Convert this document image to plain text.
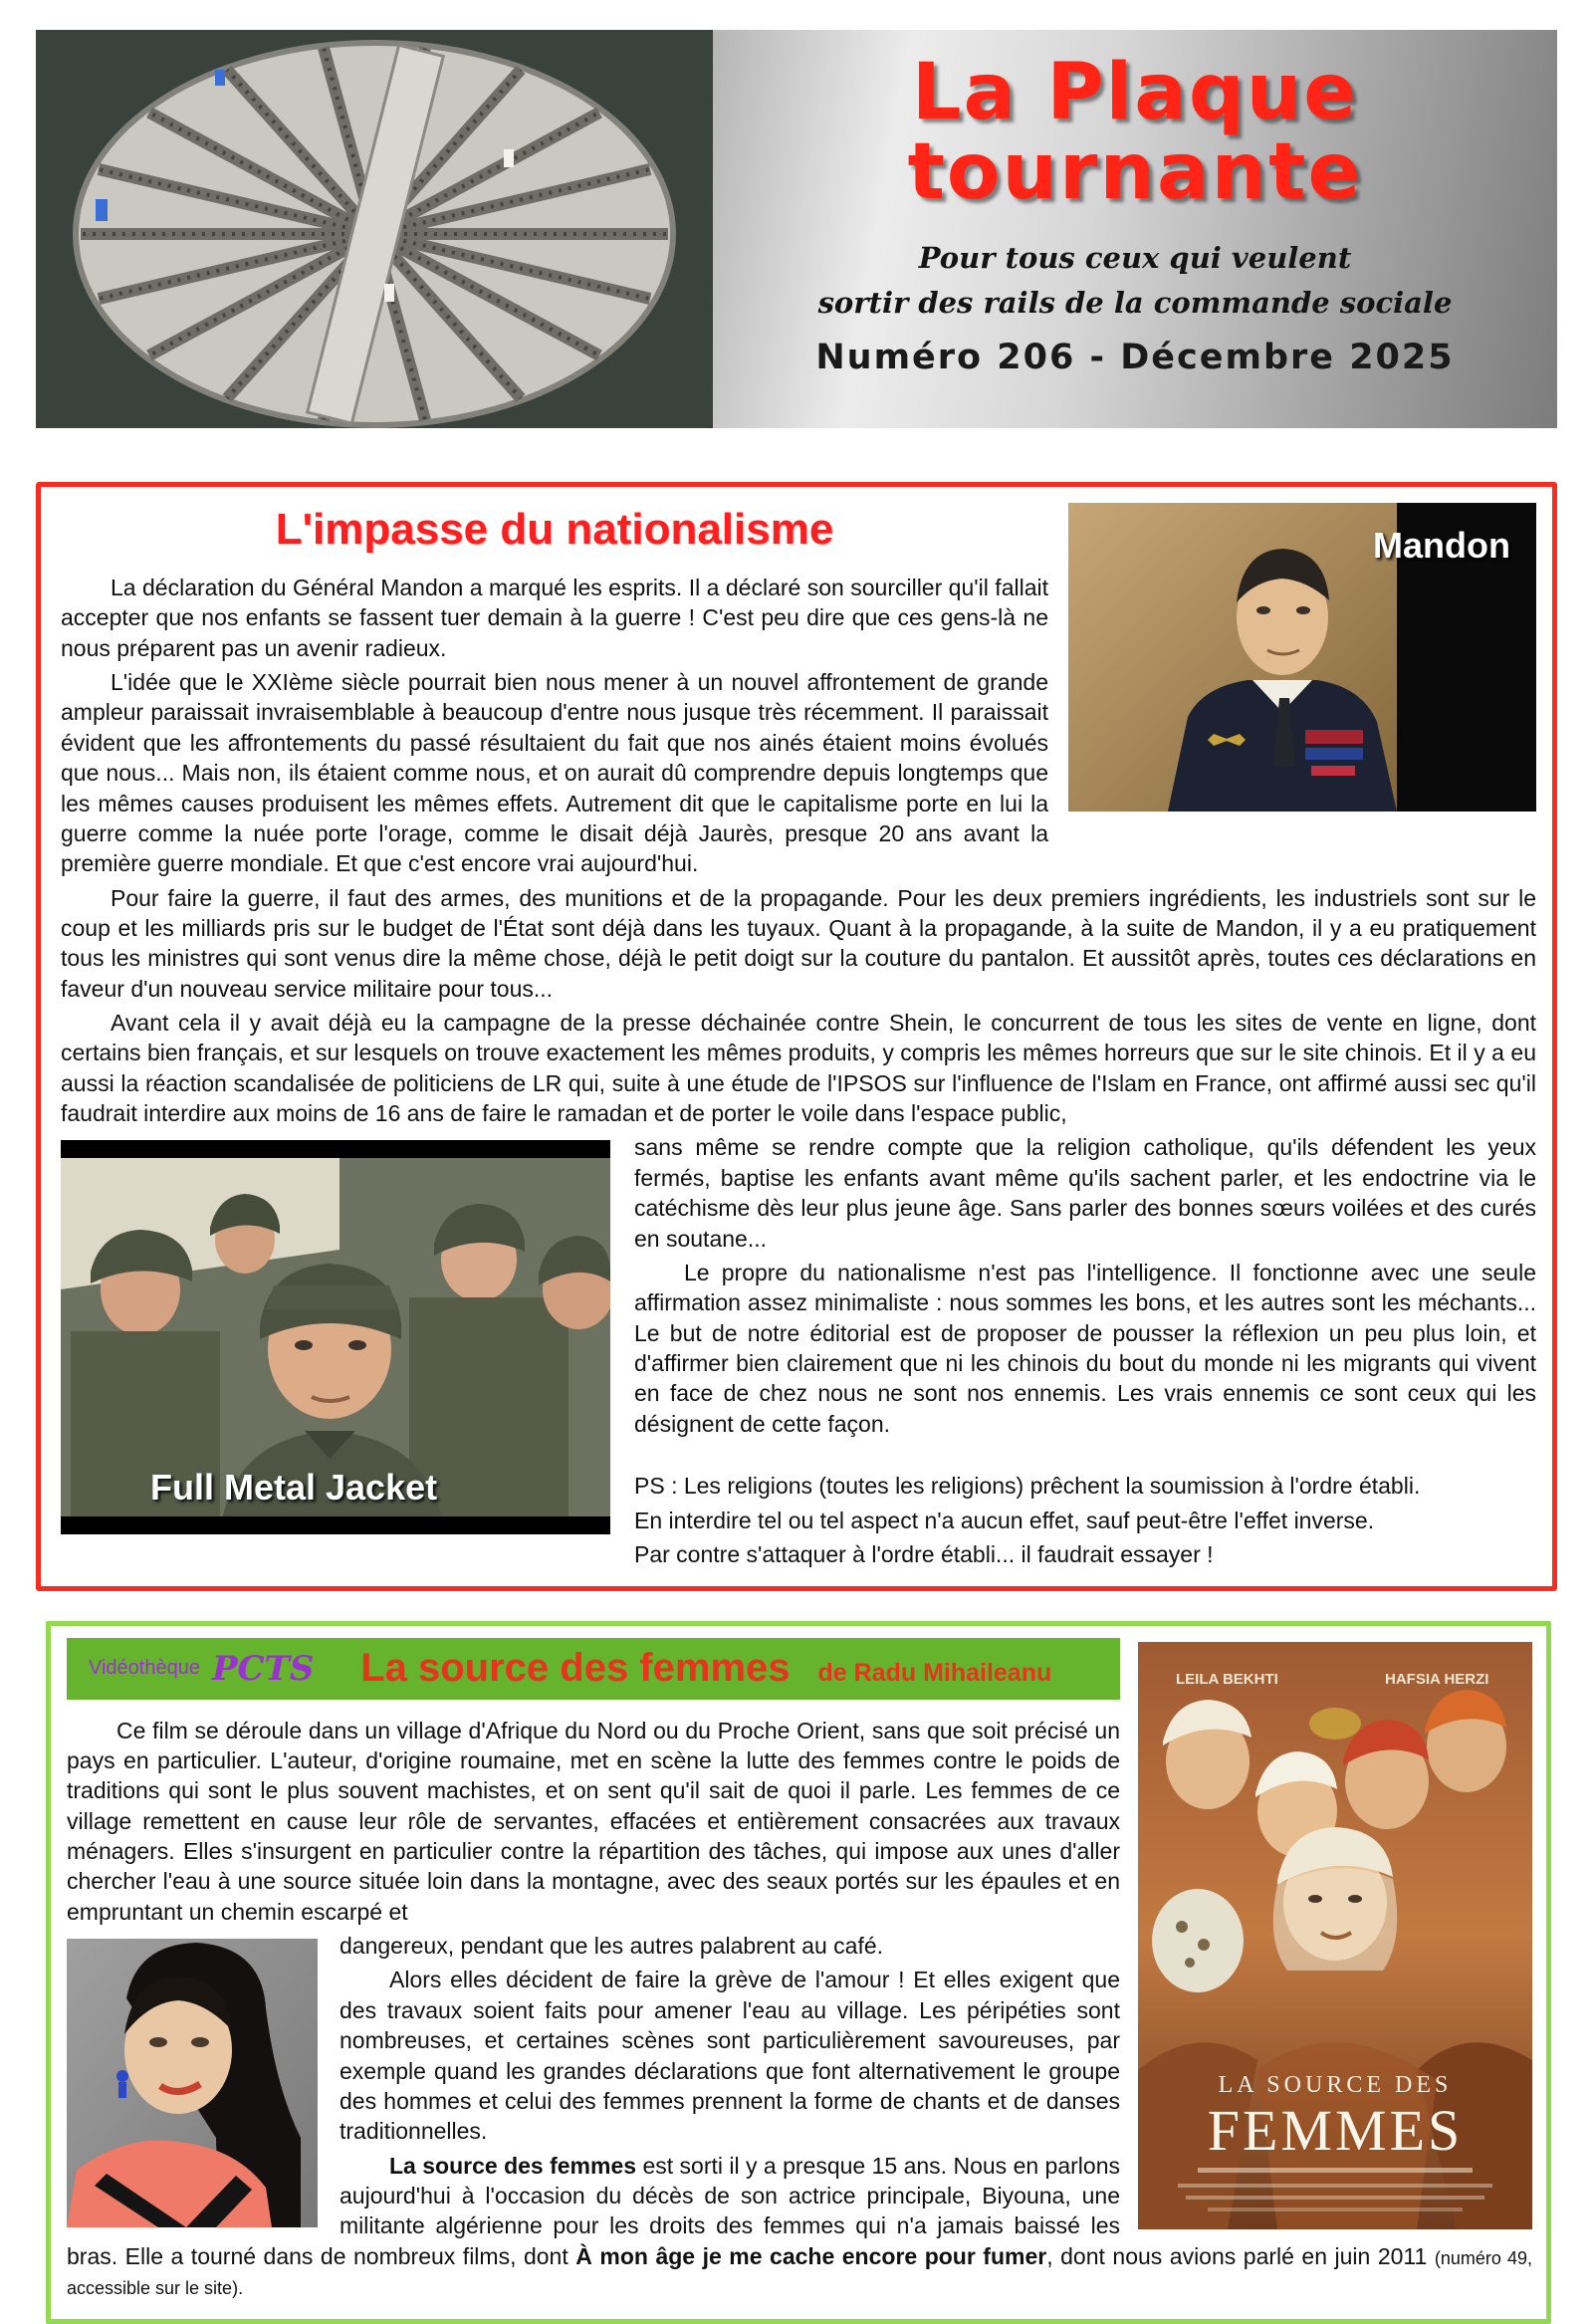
La Plaque
tournante
Pour tous ceux qui veulent
sortir des rails de la commande sociale
Numéro 206 - Décembre 2025
Mandon
L'impasse du nationalisme

La déclaration du Général Mandon a marqué les esprits. Il a déclaré son sourciller qu'il fallait accepter que nos enfants se fassent tuer demain à la guerre ! C'est peu dire que ces gens-là ne nous préparent pas un avenir radieux.

L'idée que le XXIème siècle pourrait bien nous mener à un nouvel affrontement de grande ampleur paraissait invraisemblable à beaucoup d'entre nous jusque très récemment. Il paraissait évident que les affrontements du passé résultaient du fait que nos ainés étaient moins évolués que nous... Mais non, ils étaient comme nous, et on aurait dû comprendre depuis longtemps que les mêmes causes produisent les mêmes effets. Autrement dit que le capitalisme porte en lui la guerre comme la nuée porte l'orage, comme le disait déjà Jaurès, presque 20 ans avant la première guerre mondiale. Et que c'est encore vrai aujourd'hui.

Pour faire la guerre, il faut des armes, des munitions et de la propagande. Pour les deux premiers ingrédients, les industriels sont sur le coup et les milliards pris sur le budget de l'État sont déjà dans les tuyaux. Quant à la propagande, à la suite de Mandon, il y a eu pratiquement tous les ministres qui sont venus dire la même chose, déjà le petit doigt sur la couture du pantalon. Et aussitôt après, toutes ces déclarations en faveur d'un nouveau service militaire pour tous...

Avant cela il y avait déjà eu la campagne de la presse déchainée contre Shein, le concurrent de tous les sites de vente en ligne, dont certains bien français, et sur lesquels on trouve exactement les mêmes produits, y compris les mêmes horreurs que sur le site chinois. Et il y a eu aussi la réaction scandalisée de politiciens de LR qui, suite à une étude de l'IPSOS sur l'influence de l'Islam en France, ont affirmé aussi sec qu'il faudrait interdire aux moins de 16 ans de faire le ramadan et de porter le voile dans l'espace public,

Full Metal Jacket

sans même se rendre compte que la religion catholique, qu'ils défendent les yeux fermés, baptise les enfants avant même qu'ils sachent parler, et les endoctrine via le catéchisme dès leur plus jeune âge. Sans parler des bonnes sœurs voilées et des curés en soutane...

Le propre du nationalisme n'est pas l'intelligence. Il fonctionne avec une seule affirmation assez minimaliste : nous sommes les bons, et les autres sont les méchants... Le but de notre éditorial est de proposer de pousser la réflexion un peu plus loin, et d'affirmer bien clairement que ni les chinois du bout du monde ni les migrants qui vivent en face de chez nous ne sont nos ennemis. Les vrais ennemis ce sont ceux qui les désignent de cette façon.

PS : Les religions (toutes les religions) prêchent la soumission à l'ordre établi.
En interdire tel ou tel aspect n'a aucun effet, sauf peut-être l'effet inverse.
Par contre s'attaquer à l'ordre établi... il faudrait essayer !
LEILA BEKHTI	HAFSIA HERZI
LA SOURCE DES
FEMMES
Vidéothèque PCTS La source des femmes de Radu Mihaileanu

Ce film se déroule dans un village d'Afrique du Nord ou du Proche Orient, sans que soit précisé un pays en particulier. L'auteur, d'origine roumaine, met en scène la lutte des femmes contre le poids de traditions qui sont le plus souvent machistes, et on sent qu'il sait de quoi il parle. Les femmes de ce village remettent en cause leur rôle de servantes, effacées et entièrement consacrées aux travaux ménagers. Elles s'insurgent en particulier contre la répartition des tâches, qui impose aux unes d'aller chercher l'eau à une source située loin dans la montagne, avec des seaux portés sur les épaules et en empruntant un chemin escarpé et

dangereux, pendant que les autres palabrent au café.

Alors elles décident de faire la grève de l'amour ! Et elles exigent que des travaux soient faits pour amener l'eau au village. Les péripéties sont nombreuses, et certaines scènes sont particulièrement savoureuses, par exemple quand les grandes déclarations que font alternativement le groupe des hommes et celui des femmes prennent la forme de chants et de danses traditionnelles.

La source des femmes est sorti il y a presque 15 ans. Nous en parlons aujourd'hui à l'occasion du décès de son actrice principale, Biyouna, une militante algérienne pour les droits des femmes qui n'a jamais baissé les bras. Elle a tourné dans de nombreux films, dont À mon âge je me cache encore pour fumer, dont nous avions parlé en juin 2011 (numéro 49, accessible sur le site).
